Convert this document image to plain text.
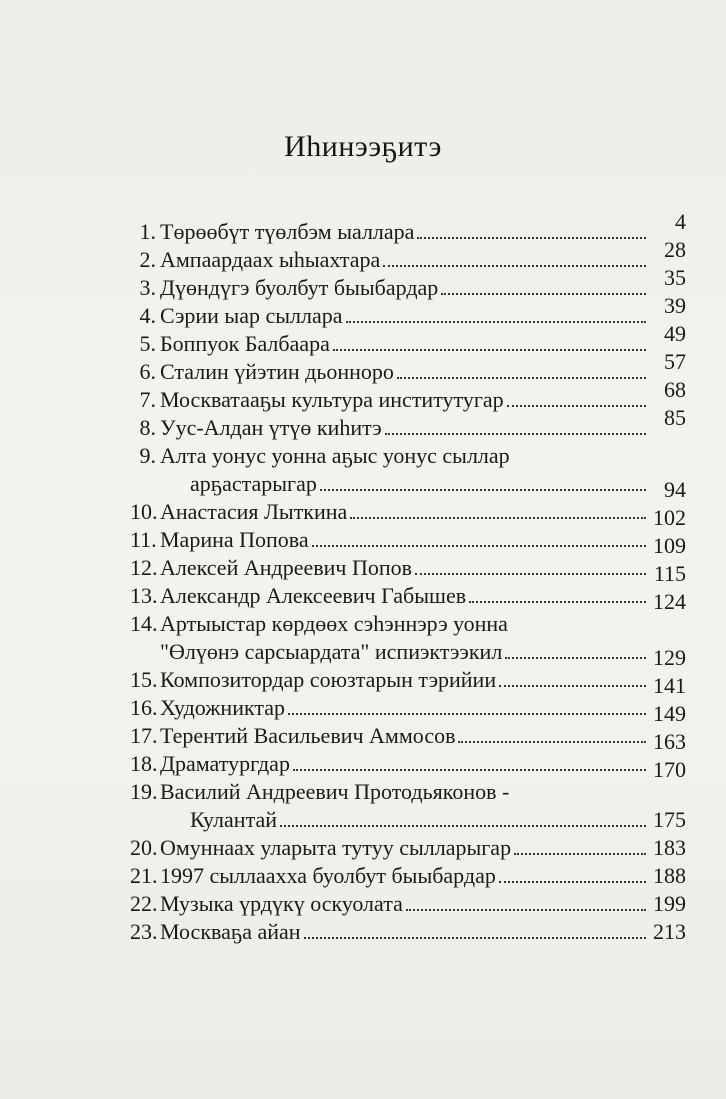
Иһинээҕитэ
1. Төрөөбүт түөлбэм ыаллара	4
2. Ампаардаах ыһыахтара	28
3. Дүөндүгэ буолбут быыбардар	35
4. Сэрии ыар сыллара	39
5. Боппуок Балбаара	49
6. Сталин үйэтин дьонноро	57
7. Москватааҕы культура институтугар	68
8. Уус-Алдан үтүө киһитэ	85
9. Алта уонус уонна аҕыс уонус сыллар
арҕастарыгар	94
10. Анастасия Лыткина	102
11. Марина Попова	109
12. Алексей Андреевич Попов	115
13. Александр Алексеевич Габышев	124
14. Артыыстар көрдөөх сэһэннэрэ уонна
"Өлүөнэ сарсыардата" испиэктээкил	129
15. Композитордар союзтарын тэрийии	141
16. Художниктар	149
17. Терентий Васильевич Аммосов	163
18. Драматургдар	170
19. Василий Андреевич Протодьяконов -
Кулантай	175
20. Омуннаах уларыта тутуу сылларыгар	183
21. 1997 сыллаахха буолбут быыбардар	188
22. Музыка үрдүкү оскуолата	199
23. Москваҕа айан	213
